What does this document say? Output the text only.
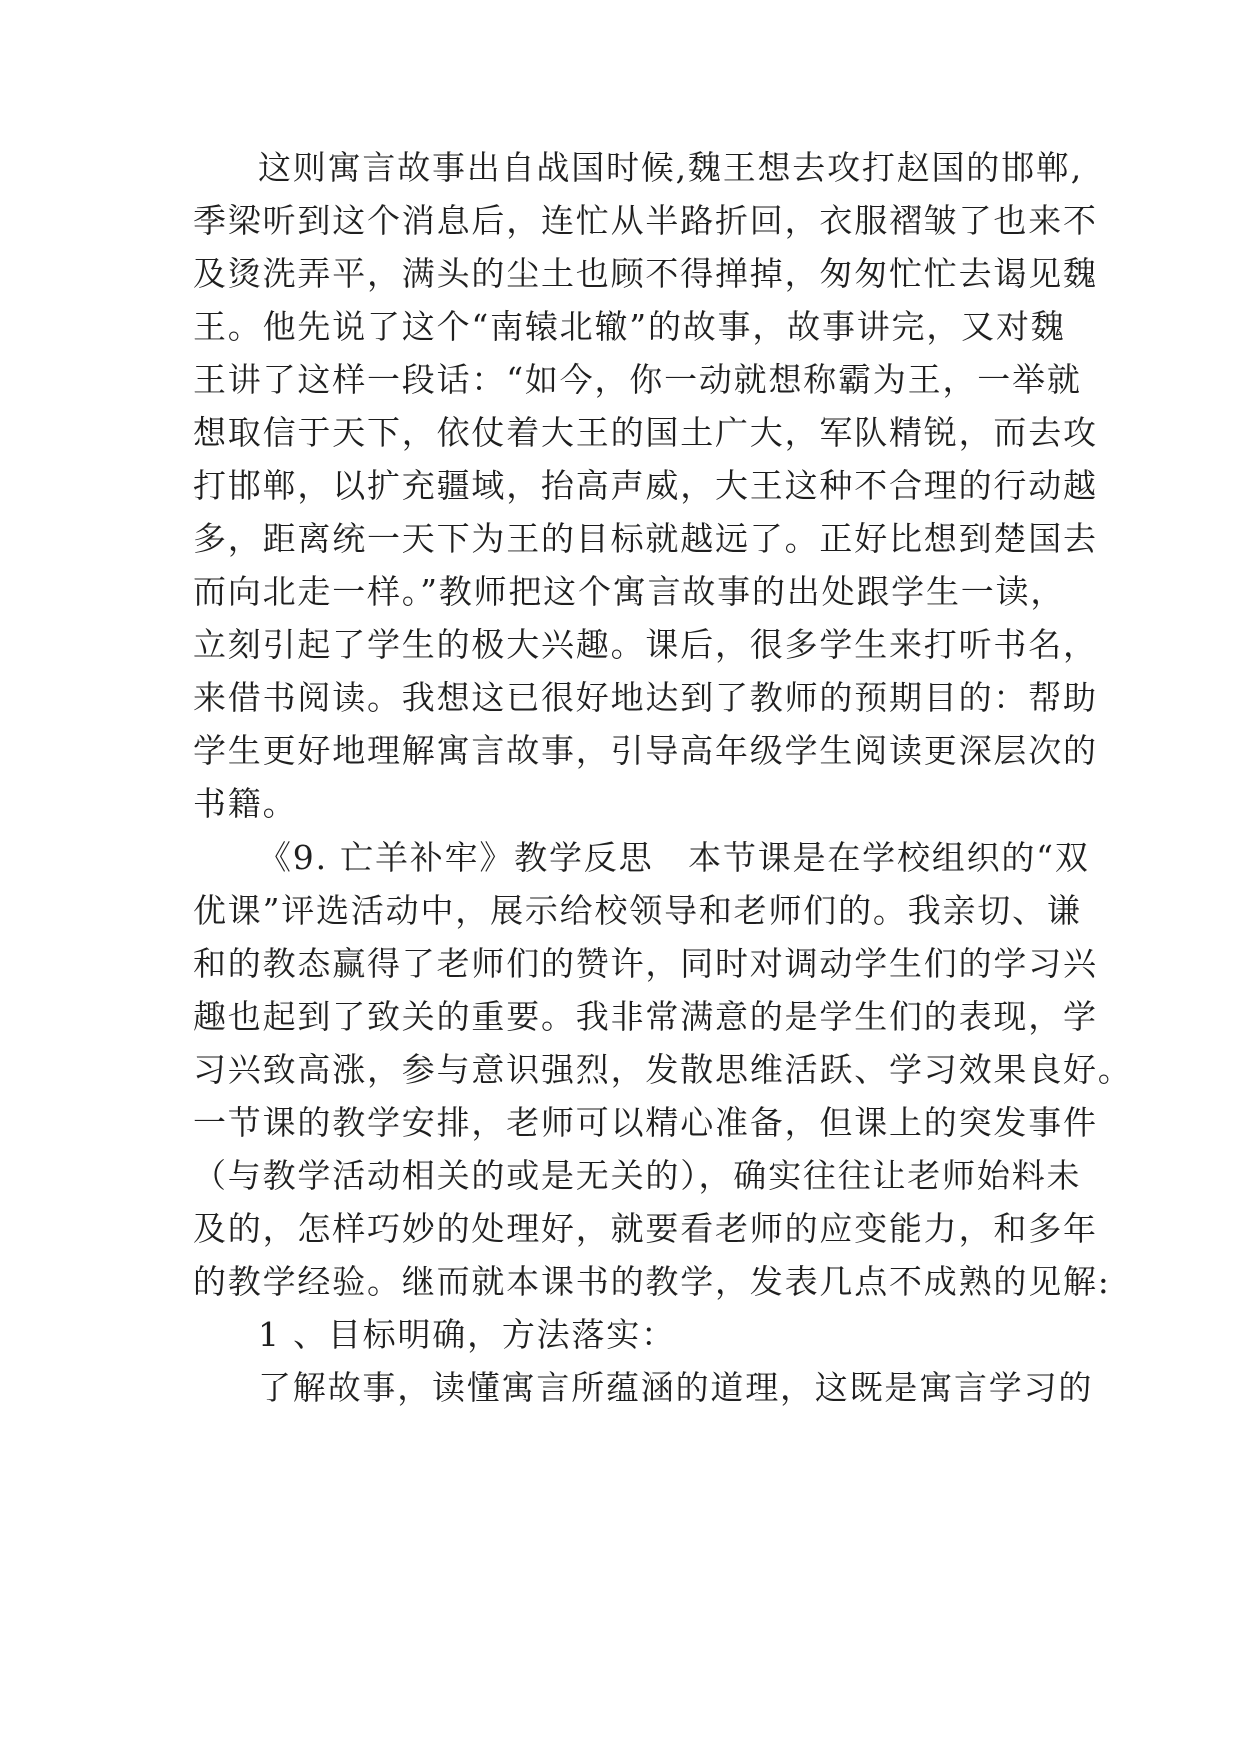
这则寓言故事出自战国时候,魏王想去攻打赵国的邯郸,
季梁听到这个消息后，连忙从半路折回，衣服褶皱了也来不
及烫洗弄平，满头的尘土也顾不得掸掉，匆匆忙忙去谒见魏
王。他先说了这个“南辕北辙”的故事，故事讲完，又对魏
王讲了这样一段话：“如今，你一动就想称霸为王，一举就
想取信于天下，依仗着大王的国土广大，军队精锐，而去攻
打邯郸，以扩充疆域，抬高声威，大王这种不合理的行动越
多，距离统一天下为王的目标就越远了。正好比想到楚国去
而向北走一样。”教师把这个寓言故事的出处跟学生一读，
立刻引起了学生的极大兴趣。课后，很多学生来打听书名，
来借书阅读。我想这已很好地达到了教师的预期目的：帮助
学生更好地理解寓言故事，引导高年级学生阅读更深层次的
书籍。
《9. 亡羊补牢》教学反思　本节课是在学校组织的“双
优课”评选活动中，展示给校领导和老师们的。我亲切、谦
和的教态赢得了老师们的赞许，同时对调动学生们的学习兴
趣也起到了致关的重要。我非常满意的是学生们的表现，学
习兴致高涨，参与意识强烈，发散思维活跃、学习效果良好。
一节课的教学安排，老师可以精心准备，但课上的突发事件
（与教学活动相关的或是无关的），确实往往让老师始料未
及的，怎样巧妙的处理好，就要看老师的应变能力，和多年
的教学经验。继而就本课书的教学，发表几点不成熟的见解:
1 、目标明确，方法落实：
了解故事，读懂寓言所蕴涵的道理，这既是寓言学习的
